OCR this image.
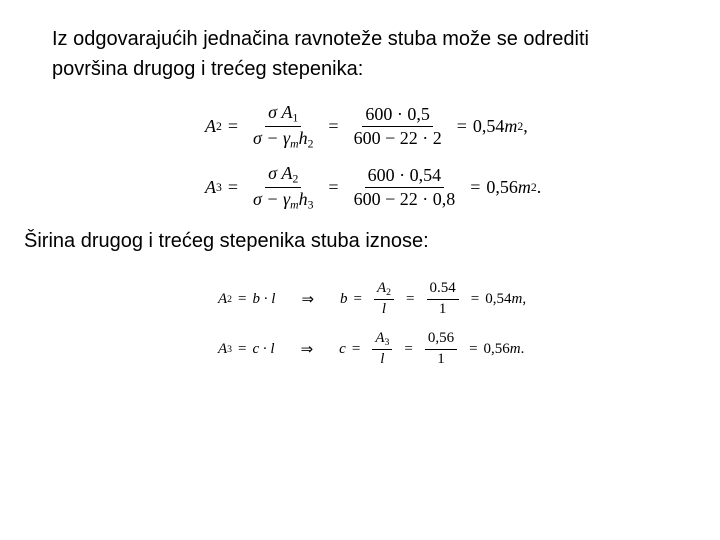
Iz odgovarajućih jednačina ravnoteže stuba može se odrediti
površina drugog i trećeg stepenika:

A $2 = \frac{\sigma A_1}{\sigma - \gamma_mh_2} = \frac{600 \cdot 0,5}{600 - 22 \cdot 2} = 0,54$ m 2 ,
A $3 = \frac{\sigma A_2}{\sigma - \gamma_mh_3} = \frac{600 \cdot 0,54}{600 - 22 \cdot 0,8} = 0,56$ m 2 .

Širina drugog i trećeg stepenika stuba iznose:

A 2 = b · l ⇒ $b = \frac{A_2}{l} = \frac{0.54}{1} = 0,54$ m ,
A 3 = c · l ⇒ $c = \frac{A_3}{l} = \frac{0,56}{1} = 0,56$ m .
